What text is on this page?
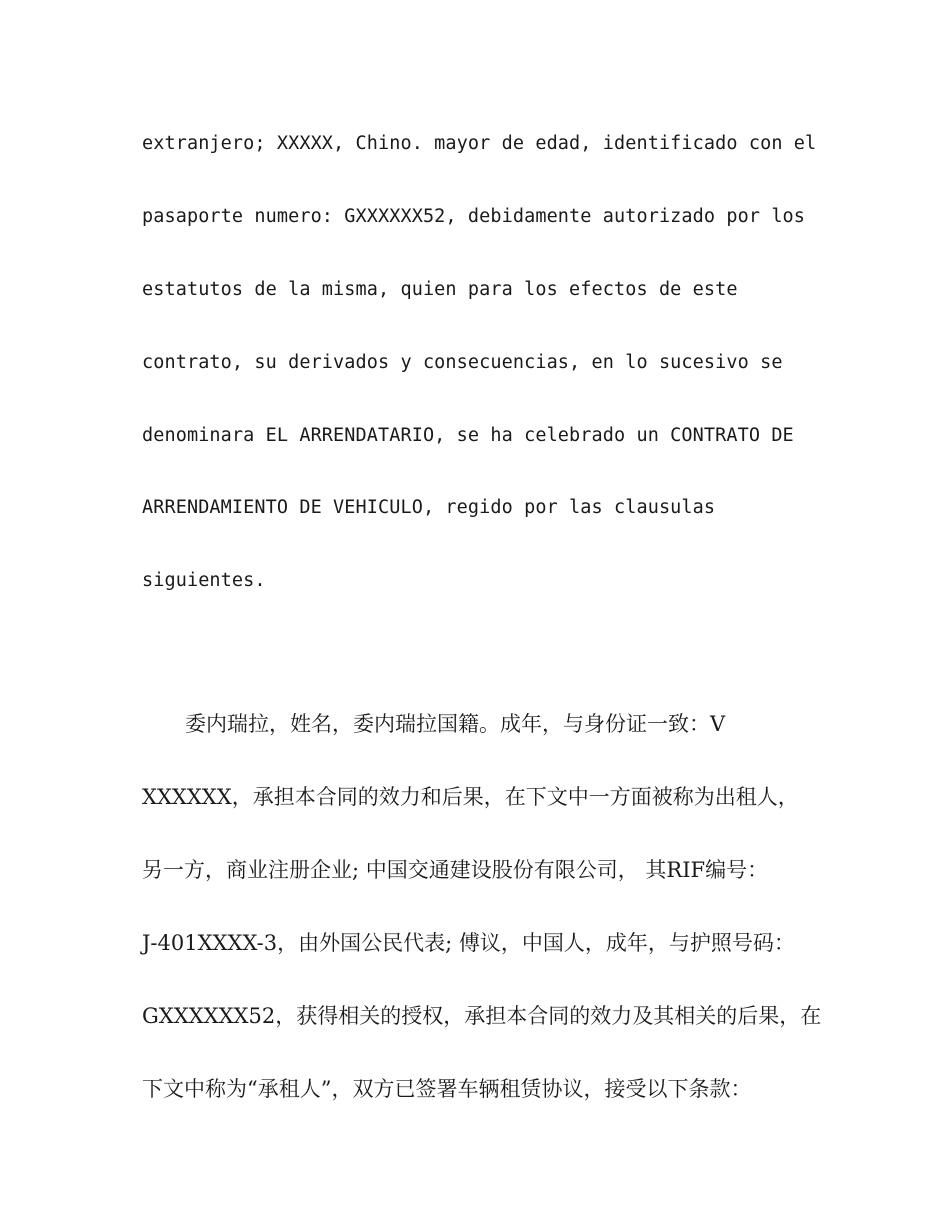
extranjero; XXXXX, Chino. mayor de edad, identificado con el
pasaporte numero: GXXXXXX52, debidamente autorizado por los
estatutos de la misma, quien para los efectos de este
contrato, su derivados y consecuencias, en lo sucesivo se
denominara EL ARRENDATARIO, se ha celebrado un CONTRATO DE
ARRENDAMIENTO DE VEHICULO, regido por las clausulas
siguientes.
委内瑞拉，姓名，委内瑞拉国籍。成年，与身份证一致：V
XXXXXX，承担本合同的效力和后果，在下文中一方面被称为出租人，
另一方，商业注册企业; 中国交通建设股份有限公司， 其RIF编号：
J-401XXXX-3，由外国公民代表; 傅议，中国人，成年，与护照号码：
GXXXXXX52，获得相关的授权，承担本合同的效力及其相关的后果，在
下文中称为“承租人”，双方已签署车辆租赁协议，接受以下条款：
